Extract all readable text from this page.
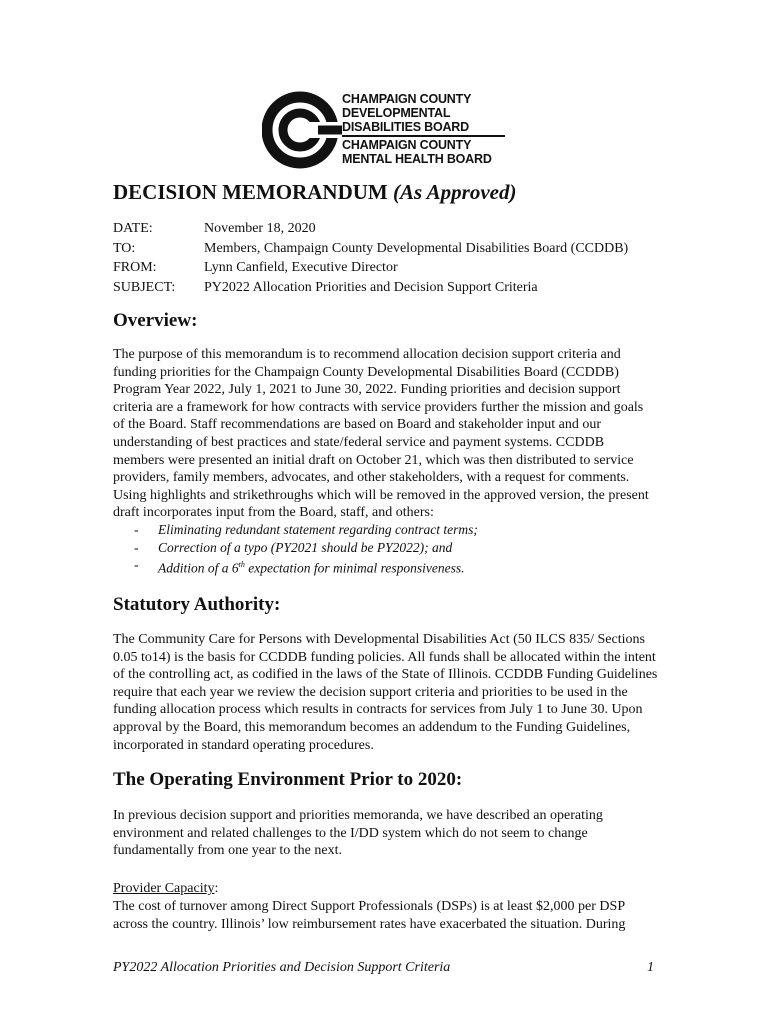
CHAMPAIGN COUNTY
DEVELOPMENTAL
DISABILITIES BOARD
CHAMPAIGN COUNTY
MENTAL HEALTH BOARD
DECISION MEMORANDUM (As Approved)
DATE:	November 18, 2020
TO:	Members, Champaign County Developmental Disabilities Board (CCDDB)
FROM:	Lynn Canfield, Executive Director
SUBJECT:	PY2022 Allocation Priorities and Decision Support Criteria
Overview:

The purpose of this memorandum is to recommend allocation decision support criteria and funding priorities for the Champaign County Developmental Disabilities Board (CCDDB) Program Year 2022, July 1, 2021 to June 30, 2022. Funding priorities and decision support criteria are a framework for how contracts with service providers further the mission and goals of the Board. Staff recommendations are based on Board and stakeholder input and our understanding of best practices and state/federal service and payment systems. CCDDB members were presented an initial draft on October 21, which was then distributed to service providers, family members, advocates, and other stakeholders, with a request for comments. Using highlights and strikethroughs which will be removed in the approved version, the present draft incorporates input from the Board, staff, and others:

-	Eliminating redundant statement regarding contract terms;
-	Correction of a typo (PY2021 should be PY2022); and
-	Addition of a 6th expectation for minimal responsiveness.
Statutory Authority:

The Community Care for Persons with Developmental Disabilities Act (50 ILCS 835/ Sections 0.05 to14) is the basis for CCDDB funding policies. All funds shall be allocated within the intent of the controlling act, as codified in the laws of the State of Illinois. CCDDB Funding Guidelines require that each year we review the decision support criteria and priorities to be used in the funding allocation process which results in contracts for services from July 1 to June 30. Upon approval by the Board, this memorandum becomes an addendum to the Funding Guidelines, incorporated in standard operating procedures.

The Operating Environment Prior to 2020:

In previous decision support and priorities memoranda, we have described an operating environment and related challenges to the I/DD system which do not seem to change fundamentally from one year to the next.

Provider Capacity:

The cost of turnover among Direct Support Professionals (DSPs) is at least $2,000 per DSP across the country. Illinois’ low reimbursement rates have exacerbated the situation. During

PY2022 Allocation Priorities and Decision Support Criteria	1
